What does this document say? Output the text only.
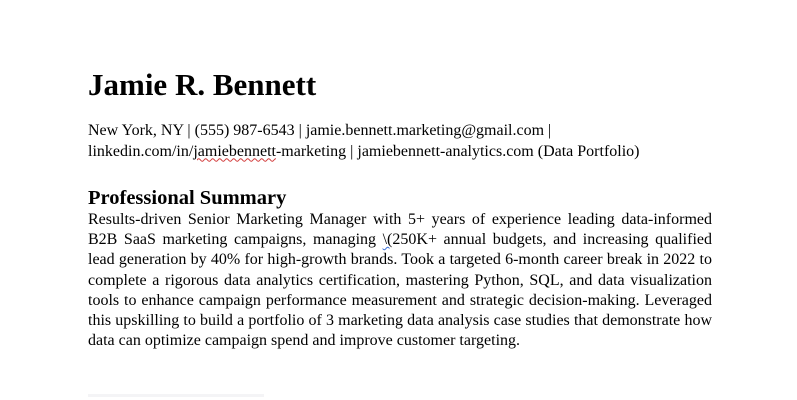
Jamie R. Bennett
New York, NY | (555) 987-6543 | jamie.bennett.marketing@gmail.com |
linkedin.com/in/jamiebennett-marketing | jamiebennett-analytics.com (Data Portfolio)
Professional Summary
Results-driven Senior Marketing Manager with 5+ years of experience leading data-informed B2B SaaS marketing campaigns, managing \(250K+ annual budgets, and increasing qualified lead generation by 40% for high-growth brands. Took a targeted 6-month career break in 2022 to complete a rigorous data analytics certification, mastering Python, SQL, and data visualization tools to enhance campaign performance measurement and strategic decision-making. Leveraged this upskilling to build a portfolio of 3 marketing data analysis case studies that demonstrate how data can optimize campaign spend and improve customer targeting.
